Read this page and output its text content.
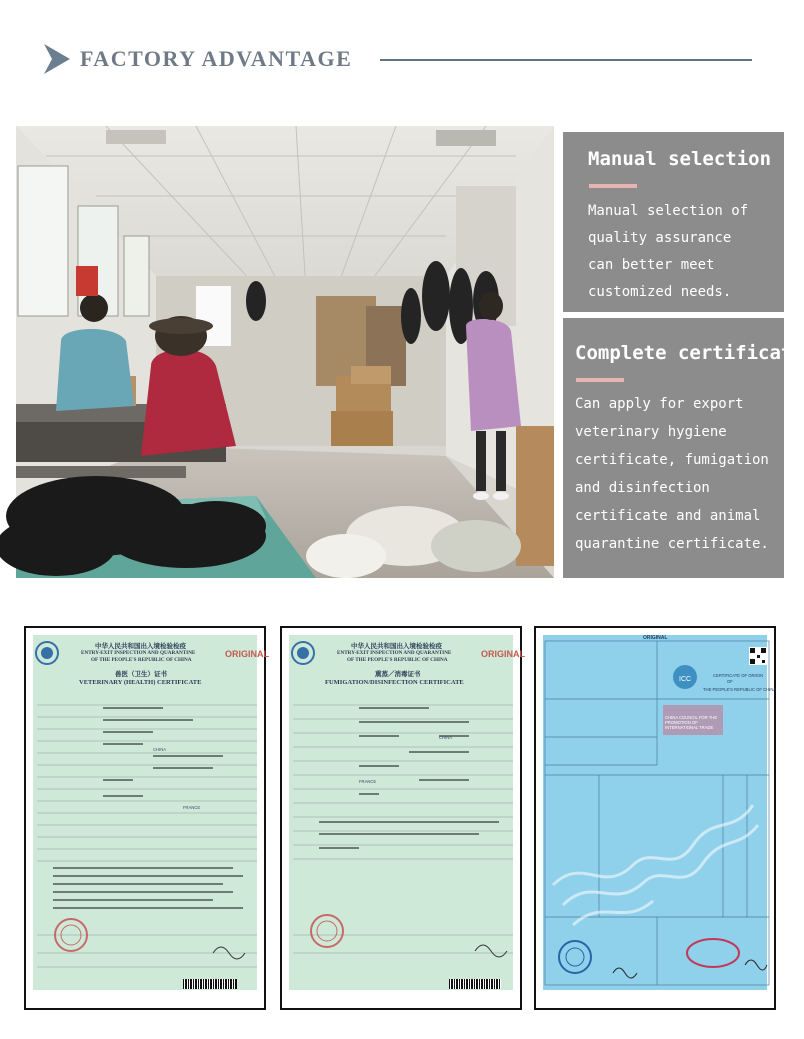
FACTORY ADVANTAGE
Manual selection
Manual selection of
quality assurance
can better meet
customized needs.
Complete certificate
Can apply for export
veterinary hygiene
certificate, fumigation
and disinfection
certificate and animal
quarantine certificate.
中华人民共和国出入境检验检疫
ENTRY-EXIT INSPECTION AND QUARANTINE
OF THE PEOPLE'S REPUBLIC OF CHINA
ORIGINAL
兽医（卫生）证书
VETERINARY (HEALTH) CERTIFICATE
CHINA
FRANCE
中华人民共和国出入境检验检疫
ENTRY-EXIT INSPECTION AND QUARANTINE
OF THE PEOPLE'S REPUBLIC OF CHINA
ORIGINAL
熏蒸／消毒证书
FUMIGATION/DISINFECTION CERTIFICATE
CHINA
FRANCE
ICC
ORIGINAL
CERTIFICATE OF ORIGIN
OF
THE PEOPLE'S REPUBLIC OF CHINA
CHINA COUNCIL FOR THE PROMOTION OF INTERNATIONAL TRADE
